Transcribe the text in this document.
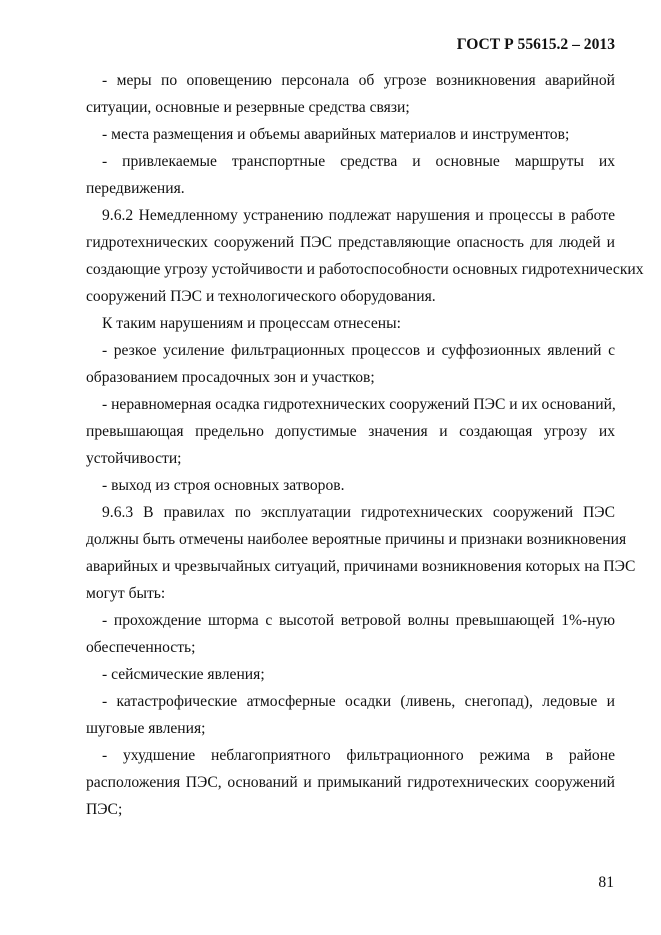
ГОСТ Р 55615.2 – 2013
- меры по оповещению персонала об угрозе возникновения аварийной
ситуации, основные и резервные средства связи;
- места размещения и объемы аварийных материалов и инструментов;
- привлекаемые транспортные средства и основные маршруты их
передвижения.
9.6.2 Немедленному устранению подлежат нарушения и процессы в работе
гидротехнических сооружений ПЭС представляющие опасность для людей и
создающие угрозу устойчивости и работоспособности основных гидротехнических
сооружений ПЭС и технологического оборудования.
К таким нарушениям и процессам отнесены:
- резкое усиление фильтрационных процессов и суффозионных явлений с
образованием просадочных зон и участков;
- неравномерная осадка гидротехнических сооружений ПЭС и их оснований,
превышающая предельно допустимые значения и создающая угрозу их
устойчивости;
- выход из строя основных затворов.
9.6.3 В правилах по эксплуатации гидротехнических сооружений ПЭС
должны быть отмечены наиболее вероятные причины и признаки возникновения
аварийных и чрезвычайных ситуаций, причинами возникновения которых на ПЭС
могут быть:
- прохождение шторма с высотой ветровой волны превышающей 1%-ную
обеспеченность;
- сейсмические явления;
- катастрофические атмосферные осадки (ливень, снегопад), ледовые и
шуговые явления;
- ухудшение неблагоприятного фильтрационного режима в районе
расположения ПЭС, оснований и примыканий гидротехнических сооружений
ПЭС;
81
